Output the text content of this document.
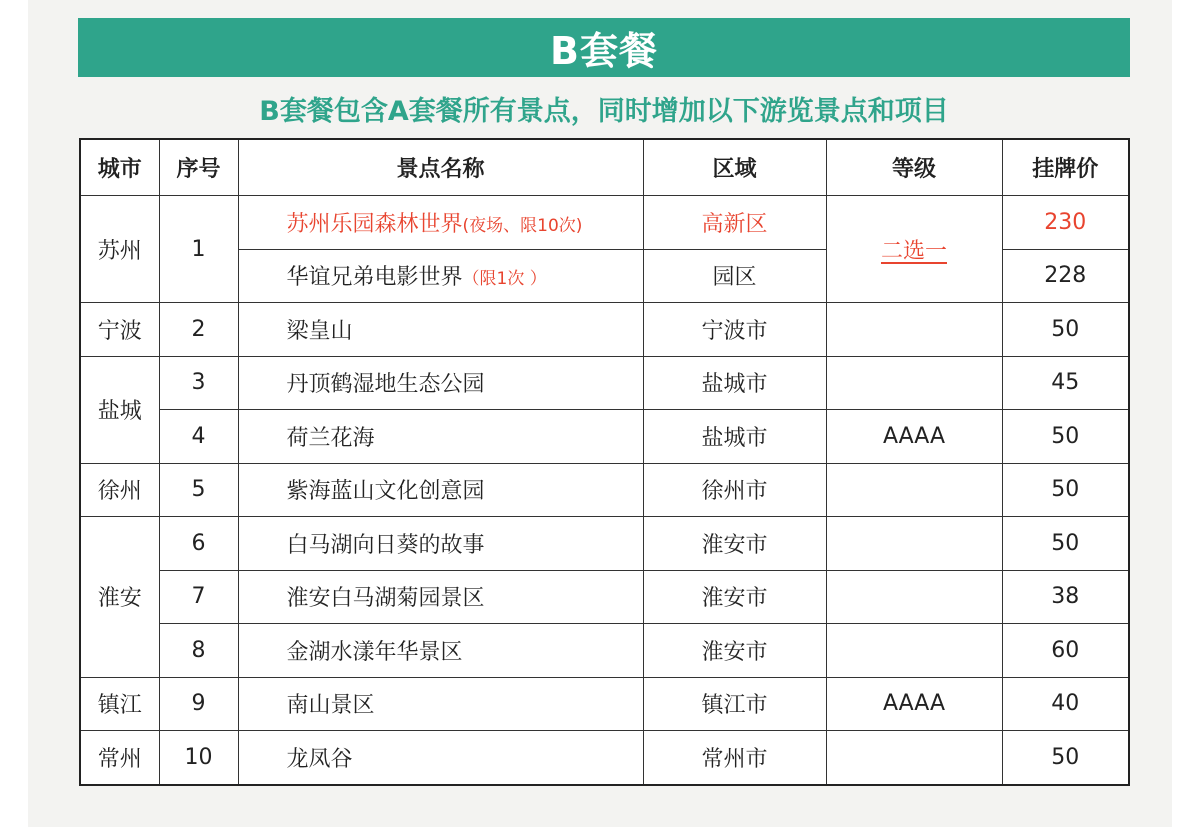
B套餐
B套餐包含A套餐所有景点，同时增加以下游览景点和项目
城市	序号	景点名称	区域	等级	挂牌价
苏州	1	苏州乐园森林世界(夜场、限10次)	高新区	二选一	230
		华谊兄弟电影世界（限1次 ）	园区		228
宁波	2	梁皇山	宁波市		50
盐城	3	丹顶鹤湿地生态公园	盐城市		45
	4	荷兰花海	盐城市	AAAA	50
徐州	5	紫海蓝山文化创意园	徐州市		50
淮安	6	白马湖向日葵的故事	淮安市		50
	7	淮安白马湖菊园景区	淮安市		38
	8	金湖水漾年华景区	淮安市		60
镇江	9	南山景区	镇江市	AAAA	40
常州	10	龙凤谷	常州市		50
